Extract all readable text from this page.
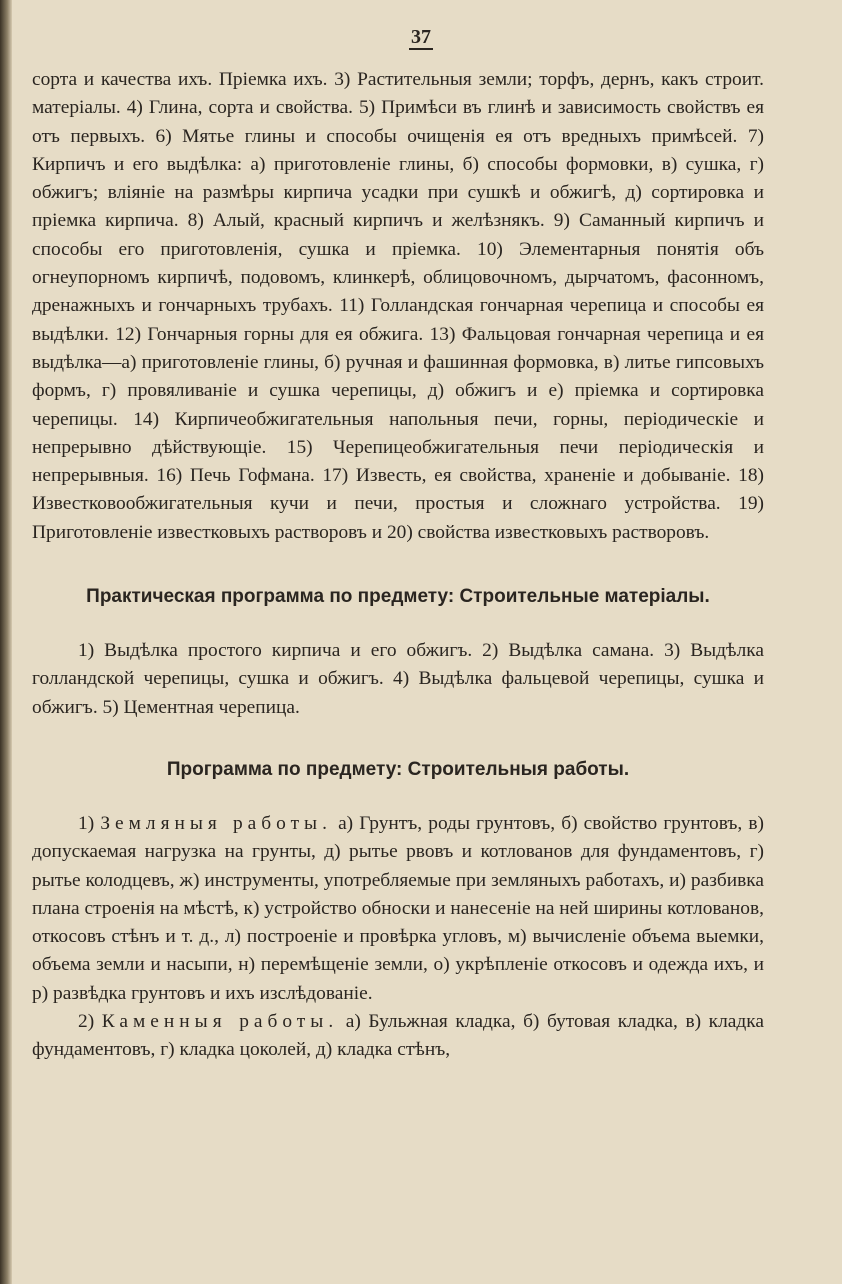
37

сорта и качества ихъ. Пріемка ихъ. 3) Растительныя земли; торфъ, дернъ, какъ строит. матеріалы. 4) Глина, сорта и свойства. 5) Примѣси въ глинѣ и зависимость свойствъ ея отъ первыхъ. 6) Мятье глины и способы очищенія ея отъ вредныхъ примѣсей. 7) Кирпичъ и его выдѣлка: а) приготовленіе глины, б) способы формовки, в) сушка, г) обжигъ; вліяніе на размѣры кирпича усадки при сушкѣ и обжигѣ, д) сортировка и пріемка кирпича. 8) Алый, красный кирпичъ и желѣзнякъ. 9) Саманный кирпичъ и способы его приготовленія, сушка и пріемка. 10) Элементарныя понятія объ огнеупорномъ кирпичѣ, подовомъ, клинкерѣ, облицовочномъ, дырчатомъ, фасонномъ, дренажныхъ и гончарныхъ трубахъ. 11) Голландская гончарная черепица и способы ея выдѣлки. 12) Гончарныя горны для ея обжига. 13) Фальцовая гончарная черепица и ея выдѣлка—а) приготовленіе глины, б) ручная и фашинная формовка, в) литье гипсовыхъ формъ, г) провяливаніе и сушка черепицы, д) обжигъ и е) пріемка и сортировка черепицы. 14) Кирпичеобжигательныя напольныя печи, горны, періодическіе и непрерывно дѣйствующіе. 15) Черепицеобжигательныя печи періодическія и непрерывныя. 16) Печь Гофмана. 17) Известь, ея свойства, храненіе и добываніе. 18) Известковообжигательныя кучи и печи, простыя и сложнаго устройства. 19) Приготовленіе известковыхъ растворовъ и 20) свойства известковыхъ растворовъ.

Практическая программа по предмету: Строительные матеріалы.

1) Выдѣлка простого кирпича и его обжигъ. 2) Выдѣлка самана. 3) Выдѣлка голландской черепицы, сушка и обжигъ. 4) Выдѣлка фальцевой черепицы, сушка и обжигъ. 5) Цементная черепица.

Программа по предмету: Строительныя работы.

1) Земляныя работы. а) Грунтъ, роды грунтовъ, б) свойство грунтовъ, в) допускаемая нагрузка на грунты, д) рытье рвовъ и котлованов для фундаментовъ, г) рытье колодцевъ, ж) инструменты, употребляемые при земляныхъ работахъ, и) разбивка плана строенія на мѣстѣ, к) устройство обноски и нанесеніе на ней ширины котлованов, откосовъ стѣнъ и т. д., л) построеніе и провѣрка угловъ, м) вычисленіе объема выемки, объема земли и насыпи, н) перемѣщеніе земли, о) укрѣпленіе откосовъ и одежда ихъ, и р) развѣдка грунтовъ и ихъ изслѣдованіе.

2) Каменныя работы. а) Бульжная кладка, б) бутовая кладка, в) кладка фундаментовъ, г) кладка цоколей, д) кладка стѣнъ,
